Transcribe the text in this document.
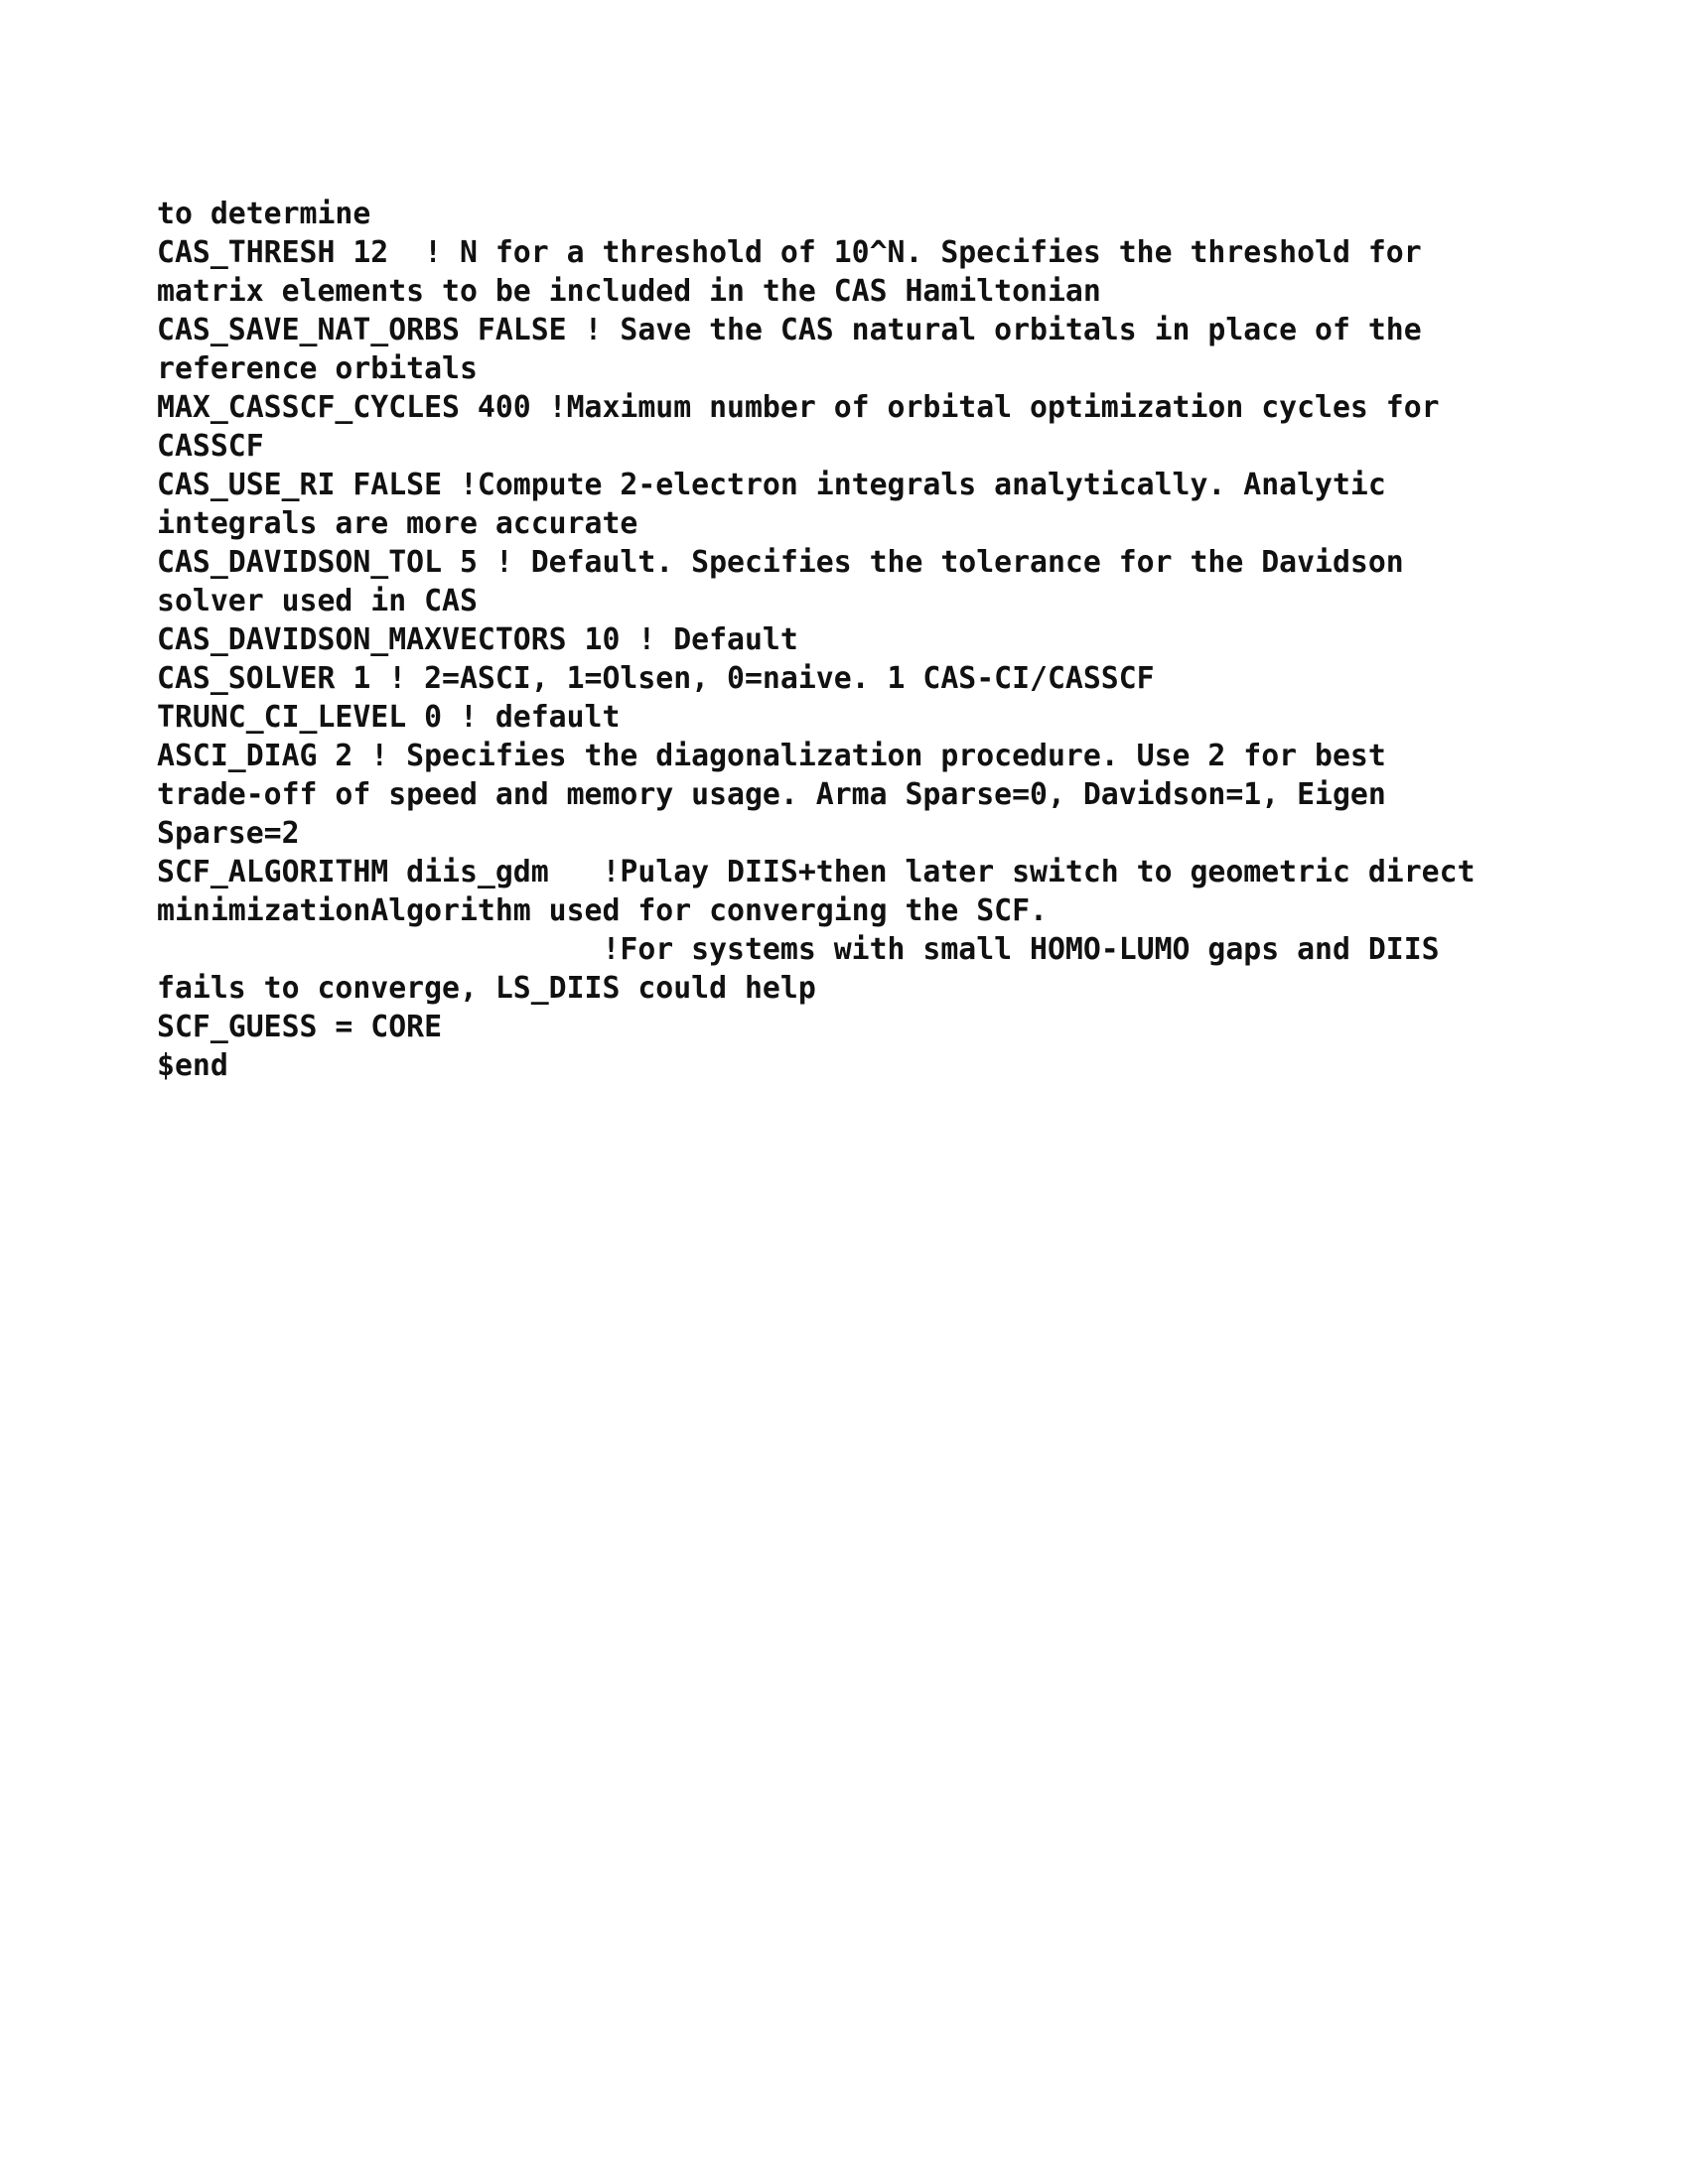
to determine
CAS_THRESH 12  ! N for a threshold of 10^N. Specifies the threshold for
matrix elements to be included in the CAS Hamiltonian
CAS_SAVE_NAT_ORBS FALSE ! Save the CAS natural orbitals in place of the
reference orbitals
MAX_CASSCF_CYCLES 400 !Maximum number of orbital optimization cycles for
CASSCF
CAS_USE_RI FALSE !Compute 2-electron integrals analytically. Analytic
integrals are more accurate
CAS_DAVIDSON_TOL 5 ! Default. Specifies the tolerance for the Davidson
solver used in CAS
CAS_DAVIDSON_MAXVECTORS 10 ! Default
CAS_SOLVER 1 ! 2=ASCI, 1=Olsen, 0=naive. 1 CAS-CI/CASSCF
TRUNC_CI_LEVEL 0 ! default
ASCI_DIAG 2 ! Specifies the diagonalization procedure. Use 2 for best
trade-off of speed and memory usage. Arma Sparse=0, Davidson=1, Eigen
Sparse=2
SCF_ALGORITHM diis_gdm   !Pulay DIIS+then later switch to geometric direct
minimizationAlgorithm used for converging the SCF.
!For systems with small HOMO-LUMO gaps and DIIS
fails to converge, LS_DIIS could help
SCF_GUESS = CORE
$end
